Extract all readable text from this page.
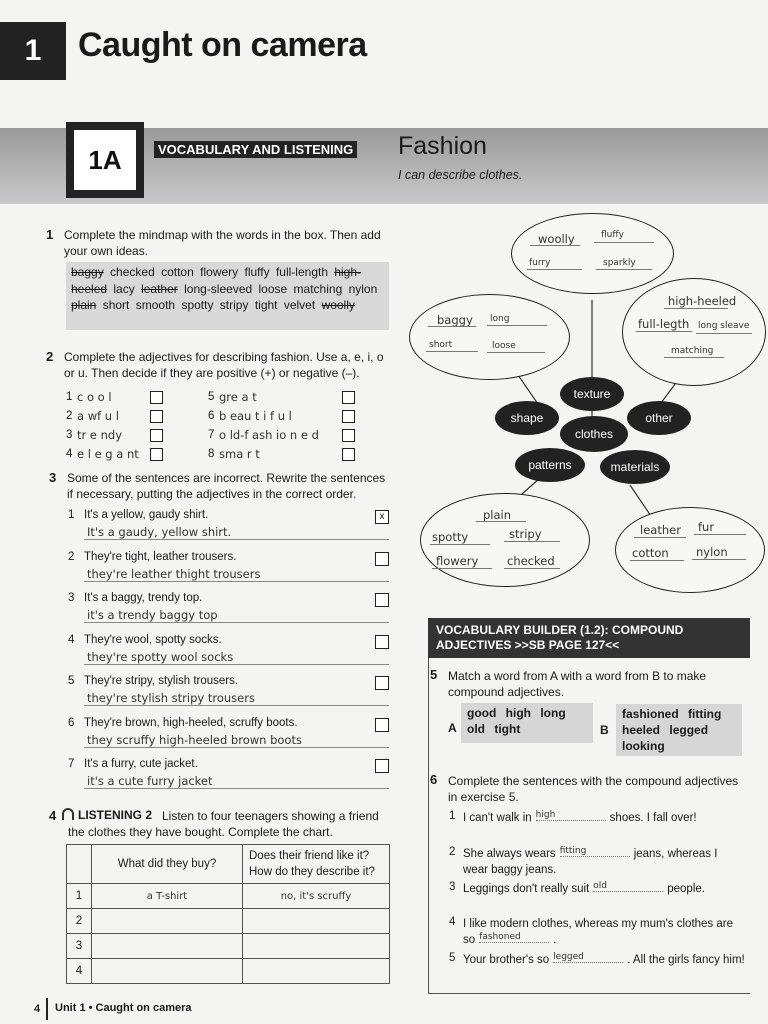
1	Caught on camera
1A	VOCABULARY AND LISTENING Fashion
I can describe clothes.
1 Complete the mindmap with the words in the box. Then add your own ideas.
baggy checked cotton flowery fluffy full-length high-heeled lacy leather long-sleeved loose matching nylon plain short smooth spotty stripy tight velvet woolly
2 Complete the adjectives for describing fashion. Use a, e, i, o or u. Then decide if they are positive (+) or negative (–).
1 c o o l	5 gre a t
2 a wf u l	6 b eau t i f u l
3 tr e ndy	7 o ld-f ash io n e d
4 e l e g a nt	8 sma r t
3 Some of the sentences are incorrect. Rewrite the sentences if necessary, putting the adjectives in the correct order.
1 It's a yellow, gaudy shirt.	x
It's a gaudy, yellow shirt.
2 They're tight, leather trousers.
they're leather thight trousers
3 It's a baggy, trendy top.
it's a trendy baggy top
4 They're wool, spotty socks.
they're spotty wool socks
5 They're stripy, stylish trousers.
they're stylish stripy trousers
6 They're brown, high-heeled, scruffy boots.
they scruffy high-heeled brown boots
7 It's a furry, cute jacket.
it's a cute furry jacket
4 LISTENING 2 Listen to four teenagers showing a friend the clothes they have bought. Complete the chart.
	What did they buy?	Does their friend like it? How do they describe it?
1	a T-shirt	no, it's scruffy
2		
3		
4		
woolly	fluffy
furry	sparkly
baggy long
short	loose
high-heeled
full-legth long sleave
matching
plain
spotty	stripy
flowery checked
leather fur
cotton nylon
texture
shape	other
clothes
patterns	materials
VOCABULARY BUILDER (1.2): COMPOUND
ADJECTIVES >>SB PAGE 127<<
5 Match a word from A with a word from B to make compound adjectives.
A
good high long old tight	B
fashioned fitting heeled legged looking
6 Complete the sentences with the compound adjectives in exercise 5.
1 I can't walk in high	shoes. I fall over!
2 She always wears fitting	jeans, whereas I wear baggy jeans.
3 Leggings don't really suit old	people.
4 I like modern clothes, whereas my mum's clothes are so fashoned	.
5 Your brother's so legged	. All the girls fancy him!
4 Unit 1 • Caught on camera
